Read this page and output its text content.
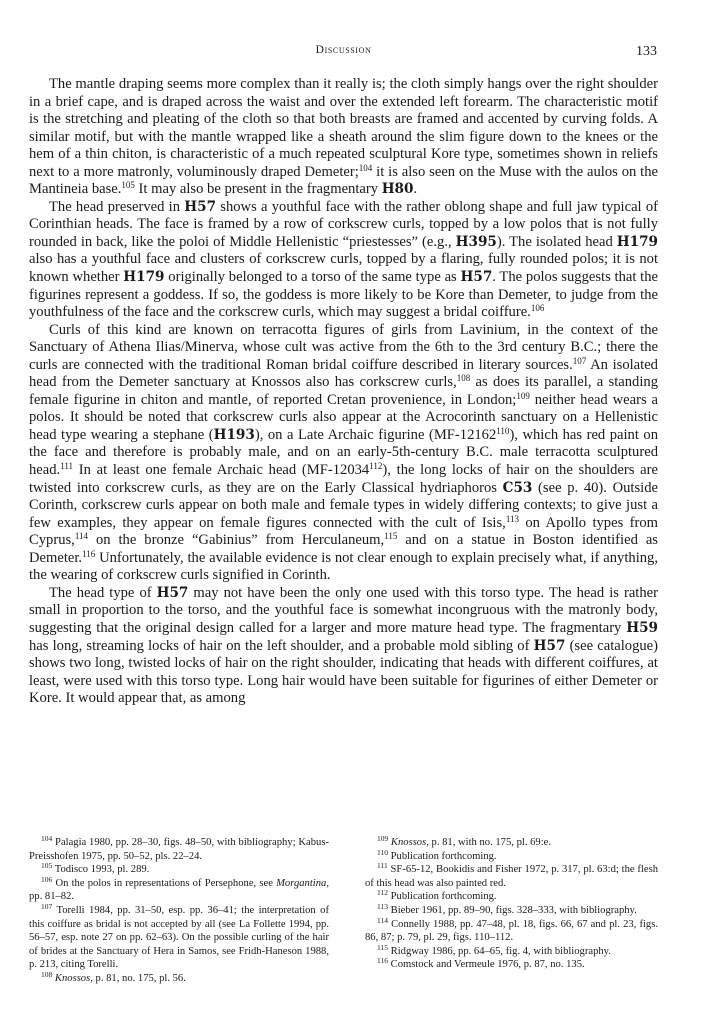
Discussion	133

The mantle draping seems more complex than it really is; the cloth simply hangs over the right shoulder in a brief cape, and is draped across the waist and over the extended left forearm. The characteristic motif is the stretching and pleating of the cloth so that both breasts are framed and accented by curving folds. A similar motif, but with the mantle wrapped like a sheath around the slim figure down to the knees or the hem of a thin chiton, is characteristic of a much repeated sculptural Kore type, sometimes shown in reliefs next to a more matronly, voluminously draped Demeter;$^{104}$ it is also seen on the Muse with the aulos on the Mantineia base.$^{105}$ It may also be present in the fragmentary H80.

The head preserved in H57 shows a youthful face with the rather oblong shape and full jaw typical of Corinthian heads. The face is framed by a row of corkscrew curls, topped by a low polos that is not fully rounded in back, like the poloi of Middle Hellenistic “priestesses” (e.g., H395). The isolated head H179 also has a youthful face and clusters of corkscrew curls, topped by a flaring, fully rounded polos; it is not known whether H179 originally belonged to a torso of the same type as H57. The polos suggests that the figurines represent a goddess. If so, the goddess is more likely to be Kore than Demeter, to judge from the youthfulness of the face and the corkscrew curls, which may suggest a bridal coiffure.$^{106}$

Curls of this kind are known on terracotta figures of girls from Lavinium, in the context of the Sanctuary of Athena Ilias/Minerva, whose cult was active from the 6th to the 3rd century B.C.; there the curls are connected with the traditional Roman bridal coiffure described in literary sources.$^{107}$ An isolated head from the Demeter sanctuary at Knossos also has corkscrew curls,$^{108}$ as does its parallel, a standing female figurine in chiton and mantle, of reported Cretan provenience, in London;$^{109}$ neither head wears a polos. It should be noted that corkscrew curls also appear at the Acrocorinth sanctuary on a Hellenistic head type wearing a stephane (H193), on a Late Archaic figurine (MF-12162$^{110}$), which has red paint on the face and therefore is probably male, and on an early-5th-century B.C. male terracotta sculptured head.$^{111}$ In at least one female Archaic head (MF-12034$^{112}$), the long locks of hair on the shoulders are twisted into corkscrew curls, as they are on the Early Classical hydriaphoros C53 (see p. 40). Outside Corinth, corkscrew curls appear on both male and female types in widely differing contexts; to give just a few examples, they appear on female figures connected with the cult of Isis,$^{113}$ on Apollo types from Cyprus,$^{114}$ on the bronze “Gabinius” from Herculaneum,$^{115}$ and on a statue in Boston identified as Demeter.$^{116}$ Unfortunately, the available evidence is not clear enough to explain precisely what, if anything, the wearing of corkscrew curls signified in Corinth.

The head type of H57 may not have been the only one used with this torso type. The head is rather small in proportion to the torso, and the youthful face is somewhat incongruous with the matronly body, suggesting that the original design called for a larger and more mature head type. The fragmentary H59 has long, streaming locks of hair on the left shoulder, and a probable mold sibling of H57 (see catalogue) shows two long, twisted locks of hair on the right shoulder, indicating that heads with different coiffures, at least, were used with this torso type. Long hair would have been suitable for figurines of either Demeter or Kore. It would appear that, as among

$^{104}$ Palagia 1980, pp. 28–30, figs. 48–50, with bibliography; Kabus-Preisshofen 1975, pp. 50–52, pls. 22–24.

$^{105}$ Todisco 1993, pl. 289.

$^{106}$ On the polos in representations of Persephone, see Morgantina, pp. 81–82.

$^{107}$ Torelli 1984, pp. 31–50, esp. pp. 36–41; the interpretation of this coiffure as bridal is not accepted by all (see La Follette 1994, pp. 56–57, esp. note 27 on pp. 62–63). On the possible curling of the hair of brides at the Sanctuary of Hera in Samos, see Fridh-Haneson 1988, p. 213, citing Torelli.

$^{108}$ Knossos, p. 81, no. 175, pl. 56.

$^{109}$ Knossos, p. 81, with no. 175, pl. 69:e.

$^{110}$ Publication forthcoming.

$^{111}$ SF-65-12, Bookidis and Fisher 1972, p. 317, pl. 63:d; the flesh of this head was also painted red.

$^{112}$ Publication forthcoming.

$^{113}$ Bieber 1961, pp. 89–90, figs. 328–333, with bibliography.

$^{114}$ Connelly 1988, pp. 47–48, pl. 18, figs. 66, 67 and pl. 23, figs. 86, 87; p. 79, pl. 29, figs. 110–112.

$^{115}$ Ridgway 1986, pp. 64–65, fig. 4, with bibliography.

$^{116}$ Comstock and Vermeule 1976, p. 87, no. 135.
